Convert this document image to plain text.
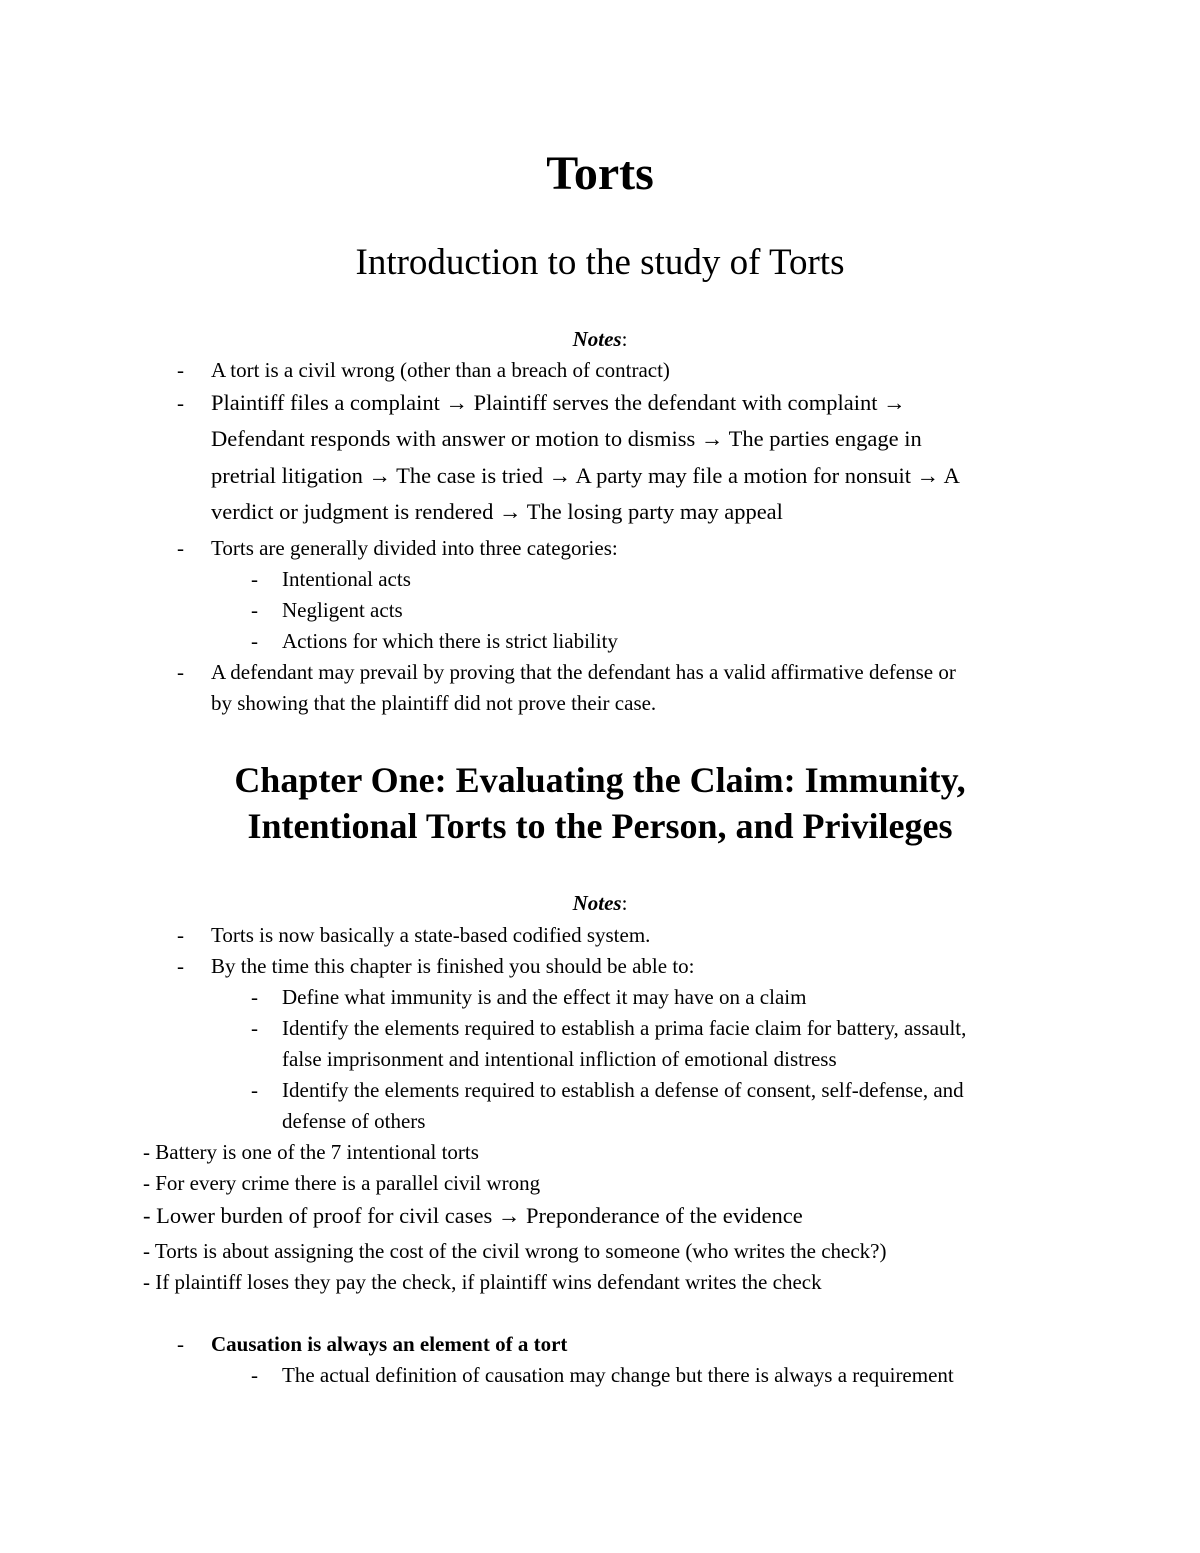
Torts
Introduction to the study of Torts
Notes:
- A tort is a civil wrong (other than a breach of contract)
- Plaintiff files a complaint → Plaintiff serves the defendant with complaint →
Defendant responds with answer or motion to dismiss → The parties engage in
pretrial litigation → The case is tried → A party may file a motion for nonsuit → A
verdict or judgment is rendered → The losing party may appeal
- Torts are generally divided into three categories:
- Intentional acts
- Negligent acts
- Actions for which there is strict liability
- A defendant may prevail by proving that the defendant has a valid affirmative defense or
by showing that the plaintiff did not prove their case.
Chapter One: Evaluating the Claim: Immunity,
Intentional Torts to the Person, and Privileges
Notes:
- Torts is now basically a state-based codified system.
- By the time this chapter is finished you should be able to:
- Define what immunity is and the effect it may have on a claim
- Identify the elements required to establish a prima facie claim for battery, assault,
false imprisonment and intentional infliction of emotional distress
- Identify the elements required to establish a defense of consent, self-defense, and
defense of others
- Battery is one of the 7 intentional torts
- For every crime there is a parallel civil wrong
- Lower burden of proof for civil cases → Preponderance of the evidence
- Torts is about assigning the cost of the civil wrong to someone (who writes the check?)
- If plaintiff loses they pay the check, if plaintiff wins defendant writes the check
- Causation is always an element of a tort
- The actual definition of causation may change but there is always a requirement
